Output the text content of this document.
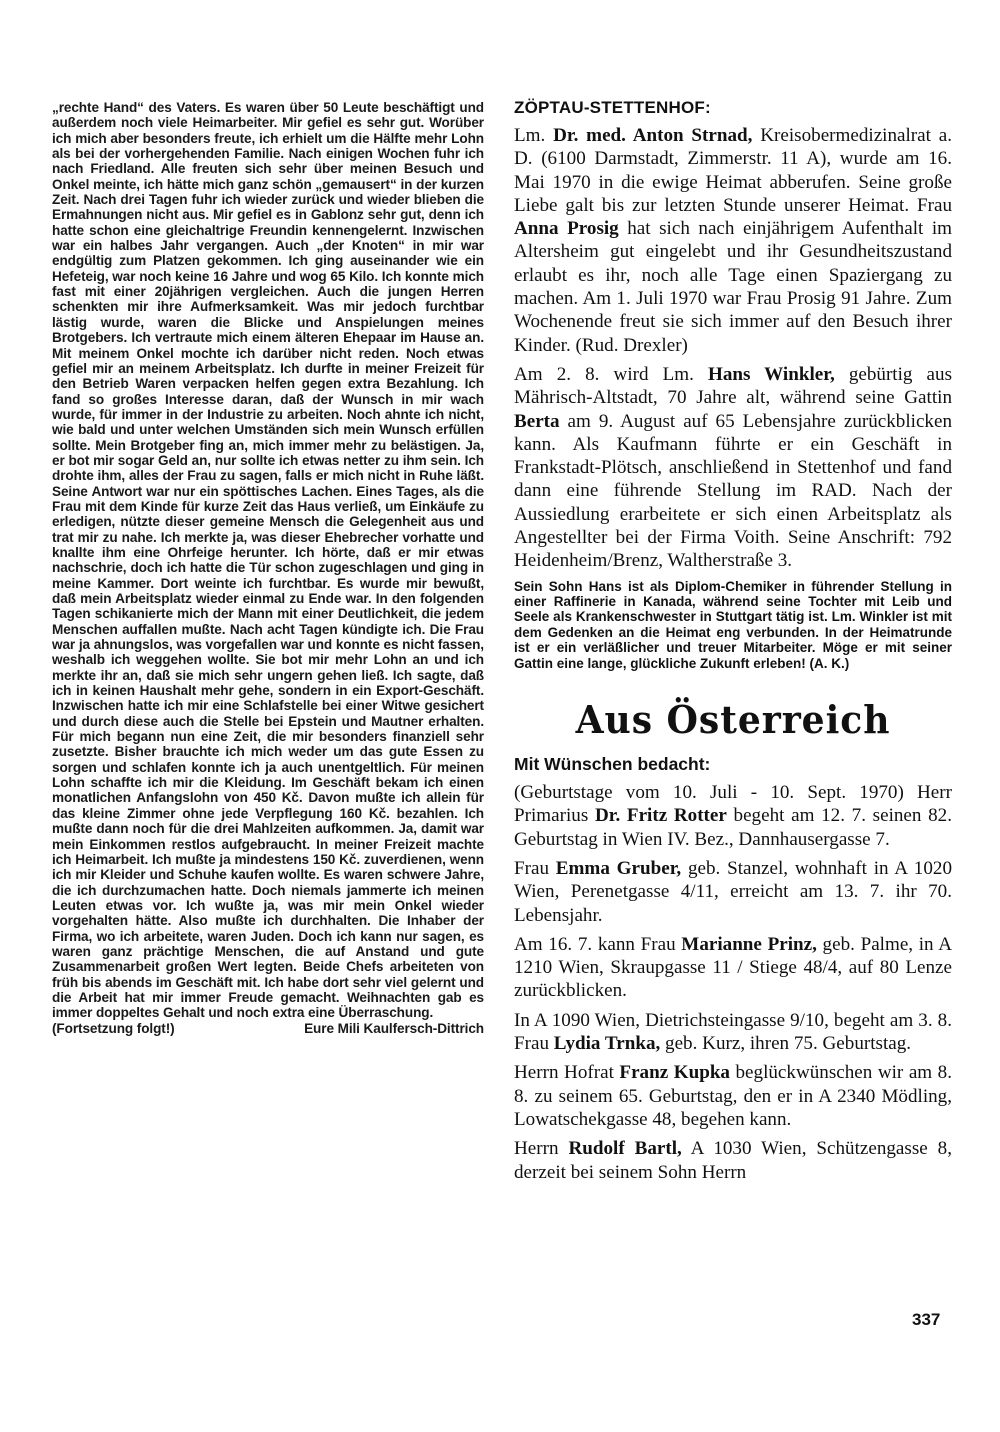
„rechte Hand“ des Vaters. Es waren über 50 Leute beschäftigt und außerdem noch viele Heimarbeiter. Mir gefiel es sehr gut. Worüber ich mich aber besonders freute, ich erhielt um die Hälfte mehr Lohn als bei der vorhergehenden Familie. Nach einigen Wochen fuhr ich nach Friedland. Alle freuten sich sehr über meinen Besuch und Onkel meinte, ich hätte mich ganz schön „gemausert“ in der kurzen Zeit. Nach drei Tagen fuhr ich wieder zurück und wieder blieben die Ermahnungen nicht aus. Mir gefiel es in Gablonz sehr gut, denn ich hatte schon eine gleichaltrige Freundin kennengelernt. Inzwischen war ein halbes Jahr vergangen. Auch „der Knoten“ in mir war endgültig zum Platzen gekommen. Ich ging auseinander wie ein Hefeteig, war noch keine 16 Jahre und wog 65 Kilo. Ich konnte mich fast mit einer 20jährigen vergleichen. Auch die jungen Herren schenkten mir ihre Aufmerksamkeit. Was mir jedoch furchtbar lästig wurde, waren die Blicke und Anspielungen meines Brotgebers. Ich vertraute mich einem älteren Ehepaar im Hause an. Mit meinem Onkel mochte ich darüber nicht reden. Noch etwas gefiel mir an meinem Arbeitsplatz. Ich durfte in meiner Freizeit für den Betrieb Waren verpacken helfen gegen extra Bezahlung. Ich fand so großes Interesse daran, daß der Wunsch in mir wach wurde, für immer in der Industrie zu arbeiten. Noch ahnte ich nicht, wie bald und unter welchen Umständen sich mein Wunsch erfüllen sollte. Mein Brotgeber fing an, mich immer mehr zu belästigen. Ja, er bot mir sogar Geld an, nur sollte ich etwas netter zu ihm sein. Ich drohte ihm, alles der Frau zu sagen, falls er mich nicht in Ruhe läßt. Seine Antwort war nur ein spöttisches Lachen. Eines Tages, als die Frau mit dem Kinde für kurze Zeit das Haus verließ, um Einkäufe zu erledigen, nützte dieser gemeine Mensch die Gelegenheit aus und trat mir zu nahe. Ich merkte ja, was dieser Ehebrecher vorhatte und knallte ihm eine Ohrfeige herunter. Ich hörte, daß er mir etwas nachschrie, doch ich hatte die Tür schon zugeschlagen und ging in meine Kammer. Dort weinte ich furchtbar. Es wurde mir bewußt, daß mein Arbeitsplatz wieder einmal zu Ende war. In den folgenden Tagen schikanierte mich der Mann mit einer Deutlichkeit, die jedem Menschen auffallen mußte. Nach acht Tagen kündigte ich. Die Frau war ja ahnungslos, was vorgefallen war und konnte es nicht fassen, weshalb ich weggehen wollte. Sie bot mir mehr Lohn an und ich merkte ihr an, daß sie mich sehr ungern gehen ließ. Ich sagte, daß ich in keinen Haushalt mehr gehe, sondern in ein Export-Geschäft. Inzwischen hatte ich mir eine Schlafstelle bei einer Witwe gesichert und durch diese auch die Stelle bei Epstein und Mautner erhalten. Für mich begann nun eine Zeit, die mir besonders finanziell sehr zusetzte. Bisher brauchte ich mich weder um das gute Essen zu sorgen und schlafen konnte ich ja auch unentgeltlich. Für meinen Lohn schaffte ich mir die Kleidung. Im Geschäft bekam ich einen monatlichen Anfangslohn von 450 Kč. Davon mußte ich allein für das kleine Zimmer ohne jede Verpflegung 160 Kč. bezahlen. Ich mußte dann noch für die drei Mahlzeiten aufkommen. Ja, damit war mein Einkommen restlos aufgebraucht. In meiner Freizeit machte ich Heimarbeit. Ich mußte ja mindestens 150 Kč. zuverdienen, wenn ich mir Kleider und Schuhe kaufen wollte. Es waren schwere Jahre, die ich durchzumachen hatte. Doch niemals jammerte ich meinen Leuten etwas vor. Ich wußte ja, was mir mein Onkel wieder vorgehalten hätte. Also mußte ich durchhalten. Die Inhaber der Firma, wo ich arbeitete, waren Juden. Doch ich kann nur sagen, es waren ganz prächtige Menschen, die auf Anstand und gute Zusammenarbeit großen Wert legten. Beide Chefs arbeiteten von früh bis abends im Geschäft mit. Ich habe dort sehr viel gelernt und die Arbeit hat mir immer Freude gemacht. Weihnachten gab es immer doppeltes Gehalt und noch extra eine Überraschung.

(Fortsetzung folgt!)	Eure Mili Kaulfersch-Dittrich
ZÖPTAU-STETTENHOF:

Lm. Dr. med. Anton Strnad, Kreisobermedizinalrat a. D. (6100 Darmstadt, Zimmerstr. 11 A), wurde am 16. Mai 1970 in die ewige Heimat abberufen. Seine große Liebe galt bis zur letzten Stunde unserer Heimat. Frau Anna Prosig hat sich nach einjährigem Aufenthalt im Altersheim gut eingelebt und ihr Gesundheitszustand erlaubt es ihr, noch alle Tage einen Spaziergang zu machen. Am 1. Juli 1970 war Frau Prosig 91 Jahre. Zum Wochenende freut sie sich immer auf den Besuch ihrer Kinder. (Rud. Drexler)

Am 2. 8. wird Lm. Hans Winkler, gebürtig aus Mährisch-Altstadt, 70 Jahre alt, während seine Gattin Berta am 9. August auf 65 Lebensjahre zurückblicken kann. Als Kaufmann führte er ein Geschäft in Frankstadt-Plötsch, anschließend in Stettenhof und fand dann eine führende Stellung im RAD. Nach der Aussiedlung erarbeitete er sich einen Arbeitsplatz als Angestellter bei der Firma Voith. Seine Anschrift: 792 Heidenheim/Brenz, Waltherstraße 3.

Sein Sohn Hans ist als Diplom-Chemiker in führender Stellung in einer Raffinerie in Kanada, während seine Tochter mit Leib und Seele als Krankenschwester in Stuttgart tätig ist. Lm. Winkler ist mit dem Gedenken an die Heimat eng verbunden. In der Heimatrunde ist er ein verläßlicher und treuer Mitarbeiter. Möge er mit seiner Gattin eine lange, glückliche Zukunft erleben! (A. K.)

Aus Österreich
Mit Wünschen bedacht:

(Geburtstage vom 10. Juli - 10. Sept. 1970) Herr Primarius Dr. Fritz Rotter begeht am 12. 7. seinen 82. Geburtstag in Wien IV. Bez., Dannhausergasse 7.

Frau Emma Gruber, geb. Stanzel, wohnhaft in A 1020 Wien, Perenetgasse 4/11, erreicht am 13. 7. ihr 70. Lebensjahr.

Am 16. 7. kann Frau Marianne Prinz, geb. Palme, in A 1210 Wien, Skraupgasse 11 / Stiege 48/4, auf 80 Lenze zurückblicken.

In A 1090 Wien, Dietrichsteingasse 9/10, begeht am 3. 8. Frau Lydia Trnka, geb. Kurz, ihren 75. Geburtstag.

Herrn Hofrat Franz Kupka beglückwünschen wir am 8. 8. zu seinem 65. Geburtstag, den er in A 2340 Mödling, Lowatschekgasse 48, begehen kann.

Herrn Rudolf Bartl, A 1030 Wien, Schützengasse 8, derzeit bei seinem Sohn Herrn

337
